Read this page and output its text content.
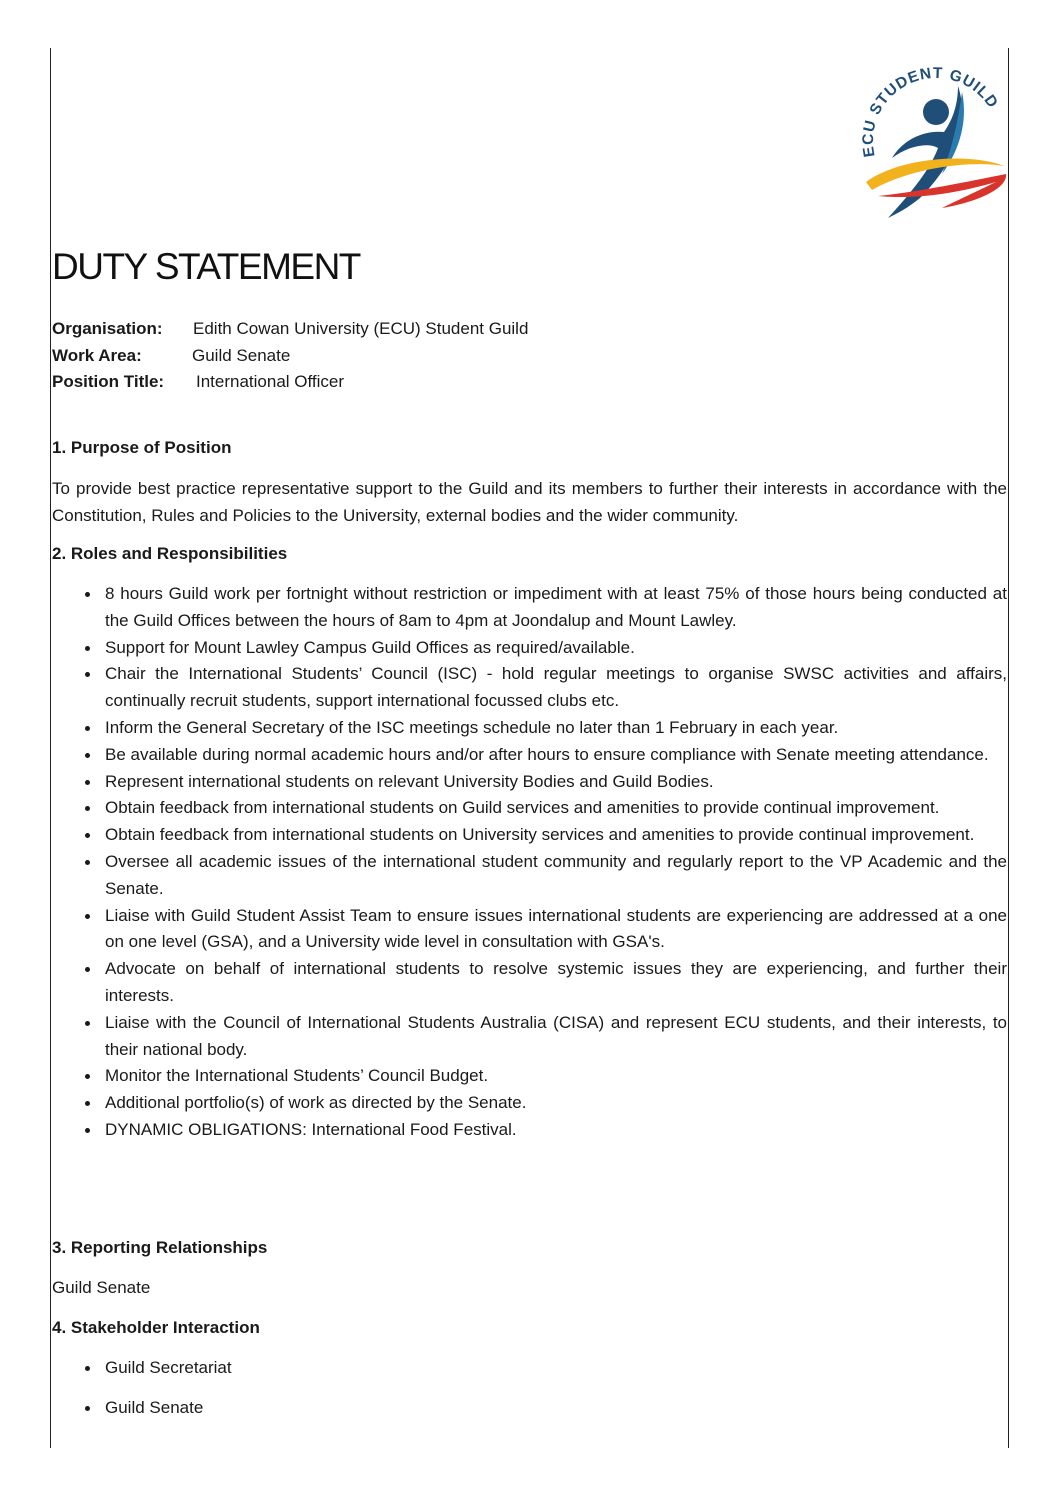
ECU STUDENT GUILD
DUTY STATEMENT
Organisation: Edith Cowan University (ECU) Student Guild
Work Area:	Guild Senate
Position Title: International Officer
1. Purpose of Position

To provide best practice representative support to the Guild and its members to further their interests in accordance with the Constitution, Rules and Policies to the University, external bodies and the wider community.

2. Roles and Responsibilities
8 hours Guild work per fortnight without restriction or impediment with at least 75% of those hours being conducted at the Guild Offices between the hours of 8am to 4pm at Joondalup and Mount Lawley.
Support for Mount Lawley Campus Guild Offices as required/available.
Chair the International Students’ Council (ISC) - hold regular meetings to organise SWSC activities and affairs, continually recruit students, support international focussed clubs etc.
Inform the General Secretary of the ISC meetings schedule no later than 1 February in each year.
Be available during normal academic hours and/or after hours to ensure compliance with Senate meeting attendance.
Represent international students on relevant University Bodies and Guild Bodies.
Obtain feedback from international students on Guild services and amenities to provide continual improvement.
Obtain feedback from international students on University services and amenities to provide continual improvement.
Oversee all academic issues of the international student community and regularly report to the VP Academic and the Senate.
Liaise with Guild Student Assist Team to ensure issues international students are experiencing are addressed at a one on one level (GSA), and a University wide level in consultation with GSA's.
Advocate on behalf of international students to resolve systemic issues they are experiencing, and further their interests.
Liaise with the Council of International Students Australia (CISA) and represent ECU students, and their interests, to their national body.
Monitor the International Students’ Council Budget.
Additional portfolio(s) of work as directed by the Senate.
DYNAMIC OBLIGATIONS: International Food Festival.
3. Reporting Relationships

Guild Senate

4. Stakeholder Interaction
Guild Secretariat
Guild Senate
